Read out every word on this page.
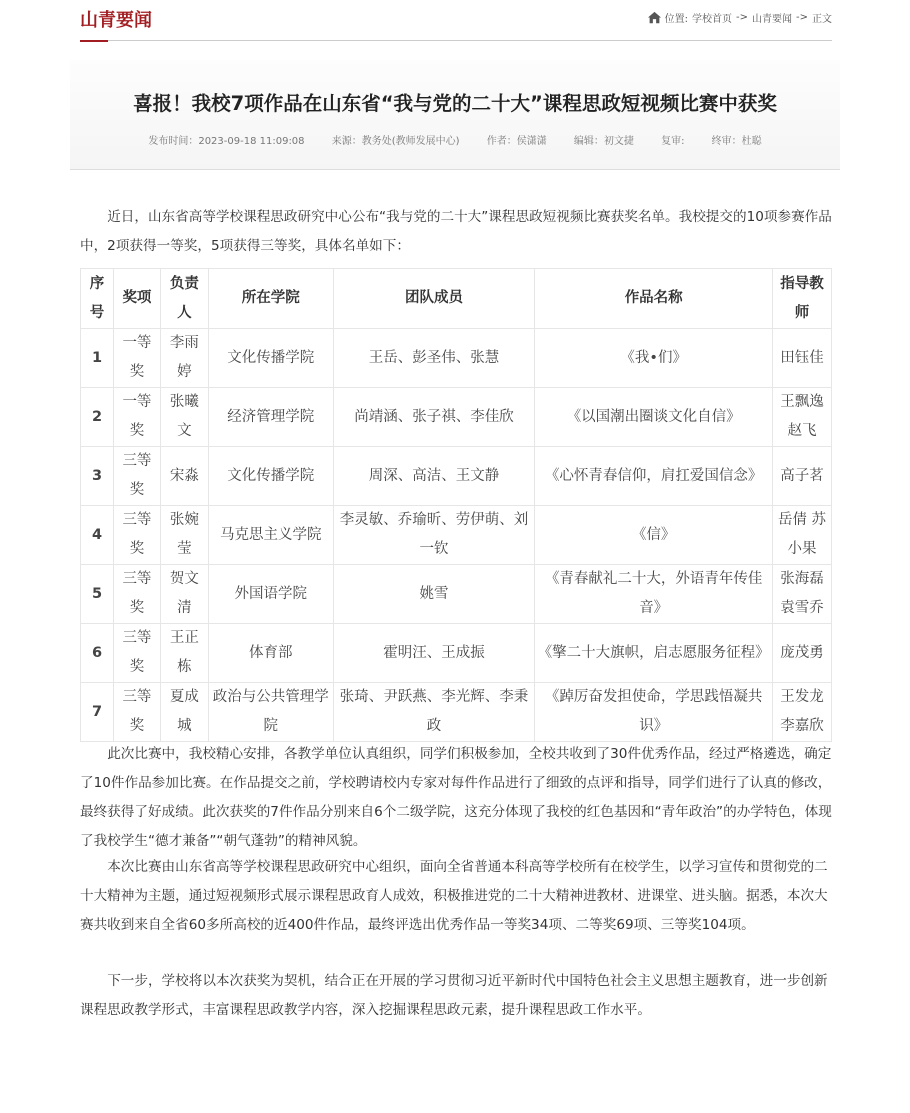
山青要闻	位置: 学校首页 -> 山青要闻 -> 正文
喜报！我校7项作品在山东省“我与党的二十大”课程思政短视频比赛中获奖
发布时间：2023-09-18 11:09:08	来源：教务处(教师发展中心)	作者：侯潇潇	编辑：初文捷	复审:	终审：杜聪
近日，山东省高等学校课程思政研究中心公布“我与党的二十大”课程思政短视频比赛获奖名单。我校提交的10项参赛作品中，2项获得一等奖，5项获得三等奖，具体名单如下：
序号	奖项	负责人	所在学院	团队成员	作品名称	指导教师
1	一等奖	李雨婷	文化传播学院	王岳、彭圣伟、张慧	《我•们》	田钰佳
2	一等奖	张曦文	经济管理学院	尚靖涵、张子祺、李佳欣	《以国潮出圈谈文化自信》	王飘逸 赵飞
3	三等奖	宋淼	文化传播学院	周深、高洁、王文静	《心怀青春信仰，肩扛爱国信念》	高子茗
4	三等奖	张婉莹	马克思主义学院	李灵敏、乔瑜昕、劳伊萌、刘一钦	《信》	岳倩 苏小果
5	三等奖	贺文清	外国语学院	姚雪	《青春献礼二十大，外语青年传佳音》	张海磊 袁雪乔
6	三等奖	王正栋	体育部	霍明汪、王成振	《擎二十大旗帜，启志愿服务征程》	庞茂勇
7	三等奖	夏成城	政治与公共管理学院	张琦、尹跃燕、李光辉、李秉政	《踔厉奋发担使命，学思践悟凝共识》	王发龙 李嘉欣
此次比赛中，我校精心安排，各教学单位认真组织，同学们积极参加，全校共收到了30件优秀作品，经过严格遴选，确定了10件作品参加比赛。在作品提交之前，学校聘请校内专家对每件作品进行了细致的点评和指导，同学们进行了认真的修改，最终获得了好成绩。此次获奖的7件作品分别来自6个二级学院，这充分体现了我校的红色基因和“青年政治”的办学特色，体现了我校学生“德才兼备”“朝气蓬勃”的精神风貌。
本次比赛由山东省高等学校课程思政研究中心组织，面向全省普通本科高等学校所有在校学生，以学习宣传和贯彻党的二十大精神为主题，通过短视频形式展示课程思政育人成效，积极推进党的二十大精神进教材、进课堂、进头脑。据悉，本次大赛共收到来自全省60多所高校的近400件作品，最终评选出优秀作品一等奖34项、二等奖69项、三等奖104项。
下一步，学校将以本次获奖为契机，结合正在开展的学习贯彻习近平新时代中国特色社会主义思想主题教育，进一步创新课程思政教学形式，丰富课程思政教学内容，深入挖掘课程思政元素，提升课程思政工作水平。
